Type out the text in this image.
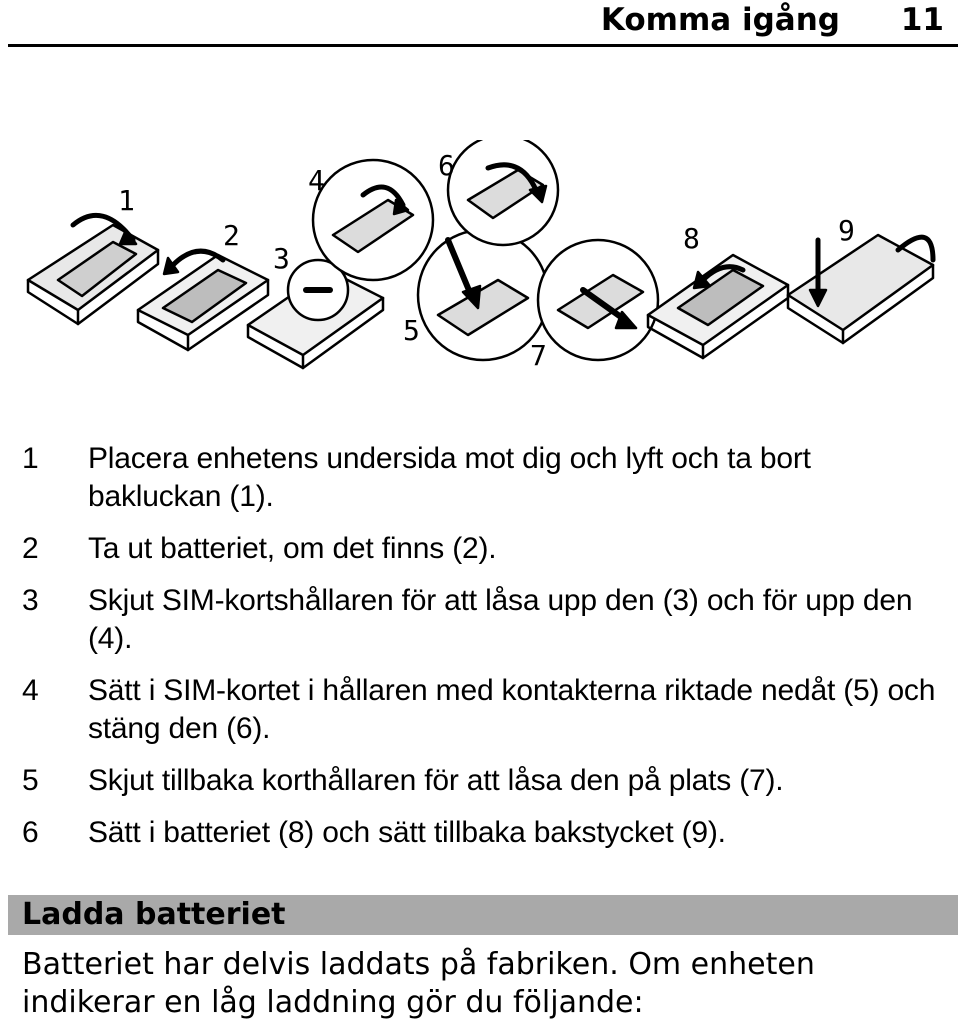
Komma igång 11
1
2
3
4
5
6
7
8	9
1	Placera enhetens undersida mot dig och lyft och ta bort bakluckan (1).
2	Ta ut batteriet, om det finns (2).
3	Skjut SIM-kortshållaren för att låsa upp den (3) och för upp den (4).
4	Sätt i SIM-kortet i hållaren med kontakterna riktade nedåt (5) och stäng den (6).
5	Skjut tillbaka korthållaren för att låsa den på plats (7).
6	Sätt i batteriet (8) och sätt tillbaka bakstycket (9).
Ladda batteriet
Batteriet har delvis laddats på fabriken. Om enheten indikerar en låg laddning gör du följande:
